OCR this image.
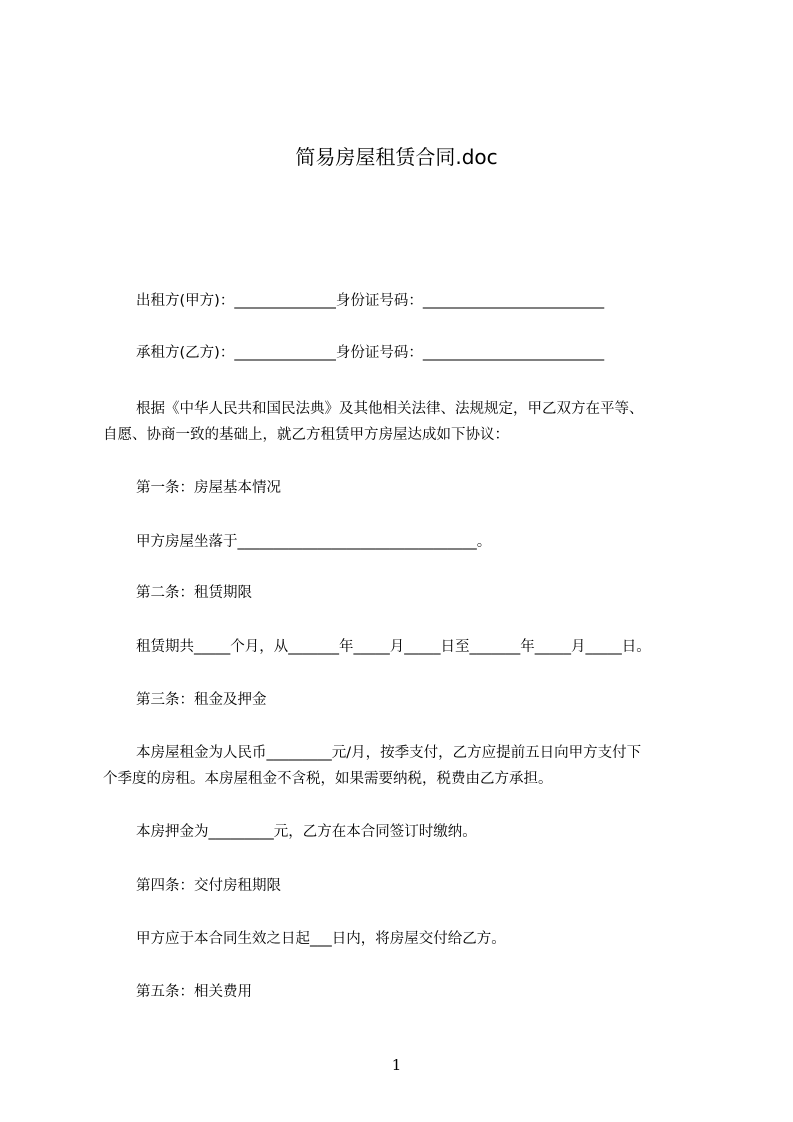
简易房屋租赁合同.doc
出租方(甲方)：______________身份证号码：_________________________
承租方(乙方)：______________身份证号码：_________________________
根据《中华人民共和国民法典》及其他相关法律、法规规定，甲乙双方在平等、
自愿、协商一致的基础上，就乙方租赁甲方房屋达成如下协议：
第一条：房屋基本情况
甲方房屋坐落于_________________________________。
第二条：租赁期限
租赁期共_____个月，从_______年_____月_____日至_______年_____月_____日。
第三条：租金及押金
本房屋租金为人民币_________元/月，按季支付，乙方应提前五日向甲方支付下
个季度的房租。本房屋租金不含税，如果需要纳税，税费由乙方承担。
本房押金为_________元，乙方在本合同签订时缴纳。
第四条：交付房租期限
甲方应于本合同生效之日起___日内，将房屋交付给乙方。
第五条：相关费用
1
